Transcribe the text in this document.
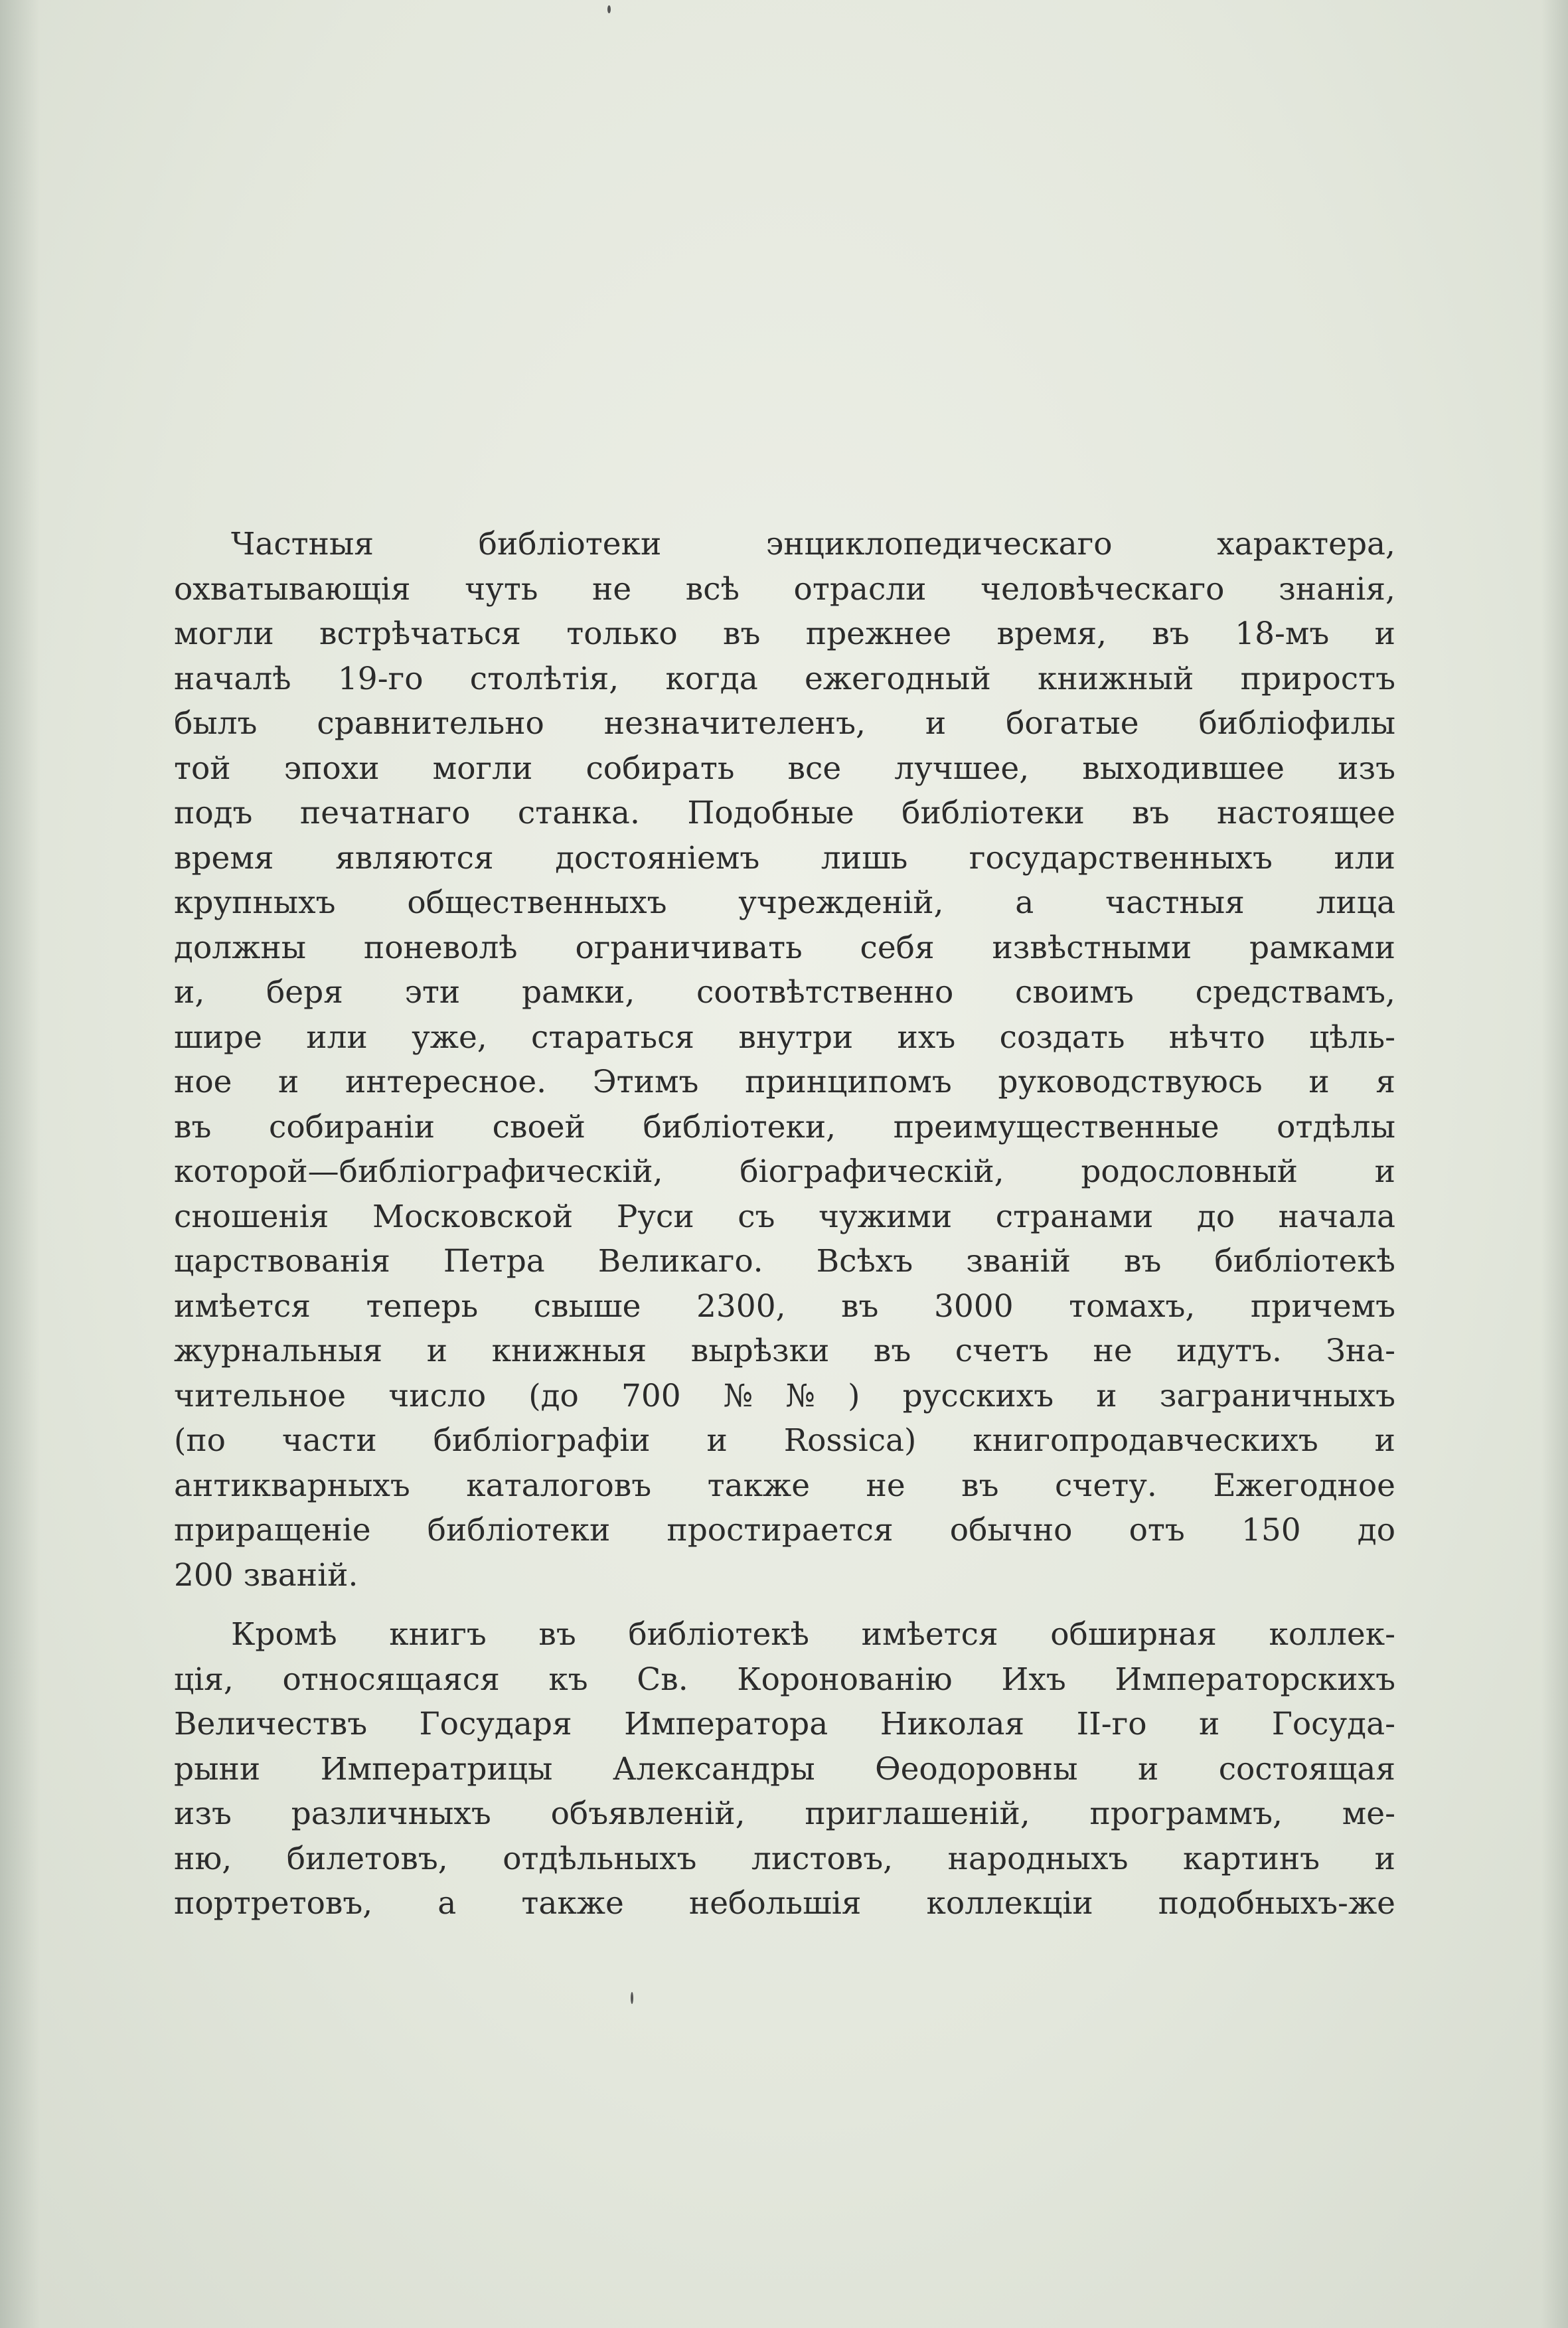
Частныя библіотеки энциклопедическаго характера,
охватывающія чуть не всѣ отрасли человѣческаго знанія,
могли встрѣчаться только въ прежнее время, въ 18-мъ и
началѣ 19-го столѣтія, когда ежегодный книжный приростъ
былъ сравнительно незначителенъ, и богатые библіофилы
той эпохи могли собирать все лучшее, выходившее изъ
подъ печатнаго станка. Подобные библіотеки въ настоящее
время являются достояніемъ лишь государственныхъ или
крупныхъ общественныхъ учрежденій, а частныя лица
должны поневолѣ ограничивать себя извѣстными рамками
и, беря эти рамки, соотвѣтственно своимъ средствамъ,
шире или уже, стараться внутри ихъ создать нѣчто цѣль-
ное и интересное. Этимъ принципомъ руководствуюсь и я
въ собираніи своей библіотеки, преимущественные отдѣлы
которой—библіографическій, біографическій, родословный и
сношенія Московской Руси съ чужими странами до начала
царствованія Петра Великаго. Всѣхъ званій въ библіотекѣ
имѣется теперь свыше 2300, въ 3000 томахъ, причемъ
журнальныя и книжныя вырѣзки въ счетъ не идутъ. Зна-
чительное число (до 700 №№) русскихъ и заграничныхъ
(по части библіографіи и Rossica) книгопродавческихъ и
антикварныхъ каталоговъ также не въ счету. Ежегодное
приращеніе библіотеки простирается обычно отъ 150 до
200 званій.
Кромѣ книгъ въ библіотекѣ имѣется обширная коллек-
ція, относящаяся къ Св. Коронованію Ихъ Императорскихъ
Величествъ Государя Императора Николая II-го и Госуда-
рыни Императрицы Александры Ѳеодоровны и состоящая
изъ различныхъ объявленій, приглашеній, программъ, ме-
ню, билетовъ, отдѣльныхъ листовъ, народныхъ картинъ и
портретовъ, а также небольшія коллекціи подобныхъ-же
